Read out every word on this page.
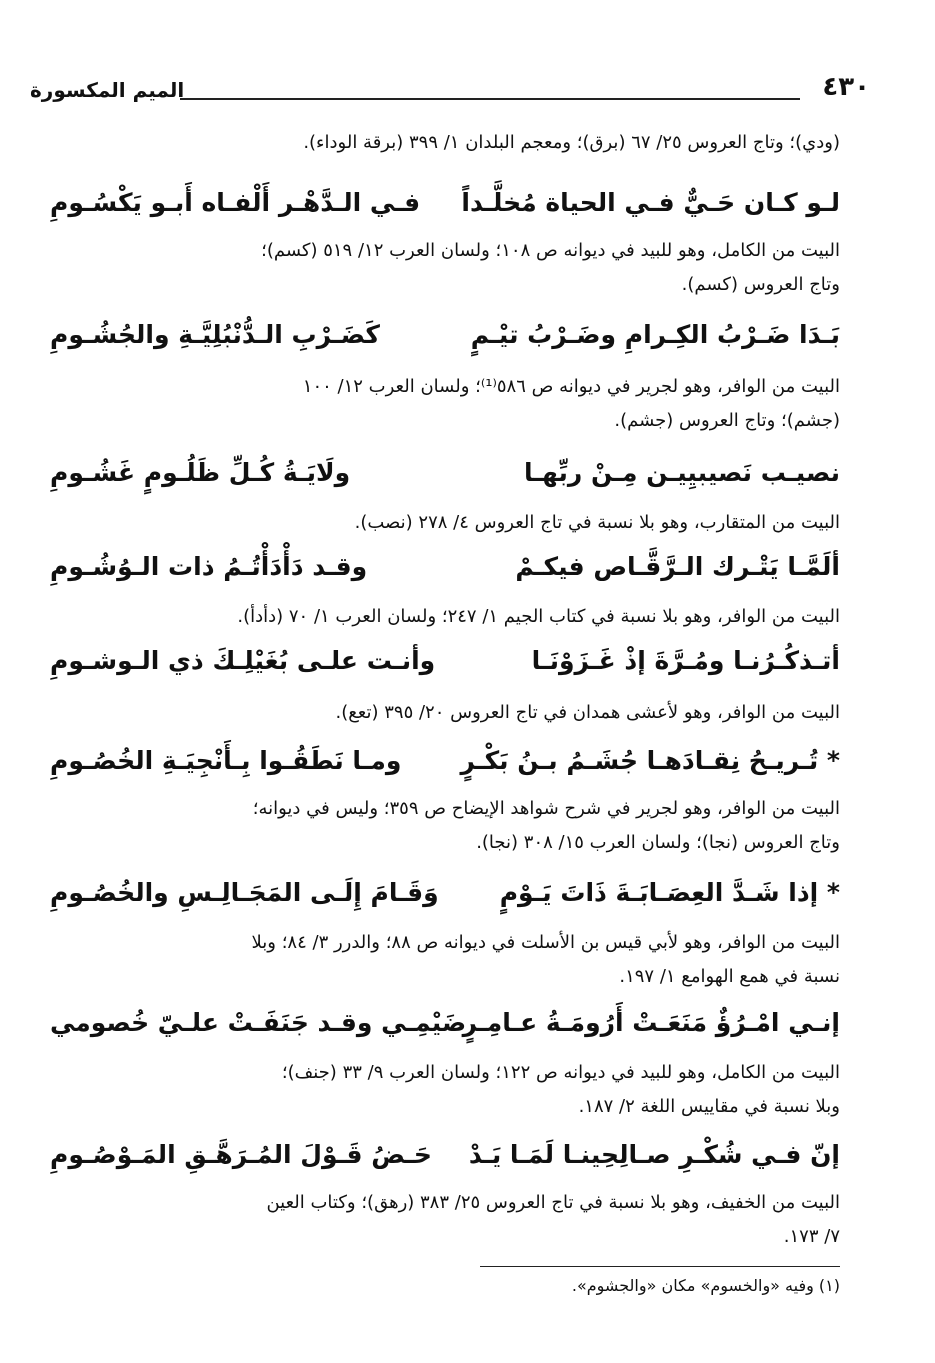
٤٣٠
الميم المكسورة
(ودي)؛ وتاج العروس ٢٥/ ٦٧ (برق)؛ ومعجم البلدان ١/ ٣٩٩ (برقة الوداء).
لـو كـان حَـيٌّ فـي الحياة مُخلَّـداً
فـي الـدَّهْـر أَلْفـاه أَبـو يَكْسُـومِ
البيت من الكامل، وهو للبيد في ديوانه ص ١٠٨؛ ولسان العرب ١٢/ ٥١٩ (كسم)؛
وتاج العروس (كسم).
بَـدَا ضَـرْبُ الكِـرامِ وضَـرْبُ تيْـمٍ
كَضَـرْبِ الـدُّنْبُلِيَّـةِ والجُشُـومِ
البيت من الوافر، وهو لجرير في ديوانه ص ٥٨٦⁽¹⁾؛ ولسان العرب ١٢/ ١٠٠
(جشم)؛ وتاج العروس (جشم).
نصيـب نَصيبيِيـن مِـنْ ربِّهـا
ولَايَـةُ كُـلِّ ظَلُـومٍ غَشُـومِ
البيت من المتقارب، وهو بلا نسبة في تاج العروس ٤/ ٢٧٨ (نصب).
ألَمَّـا يَتْـرك الـرَّقَّـاص فيكـمْ
وقـد دَأْدَأْتُـمُ ذات الـوُشُـومِ
البيت من الوافر، وهو بلا نسبة في كتاب الجيم ١/ ٢٤٧؛ ولسان العرب ١/ ٧٠ (دأدأ).
أتـذكُـرُنـا ومُـرَّةَ إذْ غَـزَوْنَـا
وأنـت علـى بُغَيْلِـكَ ذي الـوشـومِ
البيت من الوافر، وهو لأعشى همدان في تاج العروس ٢٠/ ٣٩٥ (تعع).
* تُـريـحُ نِقـادَهـا جُشَـمُ بـنُ بَكْـرٍ
ومـا نَطَقُـوا بِـأَنْجِيَـةِ الخُصُـومِ
البيت من الوافر، وهو لجرير في شرح شواهد الإيضاح ص ٣٥٩؛ وليس في ديوانه؛
وتاج العروس (نجا)؛ ولسان العرب ١٥/ ٣٠٨ (نجا).
* إذا شَـدَّ العِصَـابَـةَ ذَاتَ يَـوْمٍ
وَقَـامَ إِلَـى المَجَـالِـسِ والخُصُـومِ
البيت من الوافر، وهو لأبي قيس بن الأسلت في ديوانه ص ٨٨؛ والدرر ٣/ ٨٤؛ وبلا
نسبة في همع الهوامع ١/ ١٩٧.
إنـي امْـرُؤٌ مَنَعَـتْ أَرُومَـةُ عـامِـرٍ
ضَيْمِـي وقـد جَنَفَـتْ علـيّ خُصومي
البيت من الكامل، وهو للبيد في ديوانه ص ١٢٢؛ ولسان العرب ٩/ ٣٣ (جنف)؛
وبلا نسبة في مقاييس اللغة ٢/ ١٨٧.
إنّ فـي شُكْـرِ صـالِحِينـا لَمَـا يَـدْ
حَـضُ قَـوْلَ المُـرَهَّـقِ المَـوْصُـومِ
البيت من الخفيف، وهو بلا نسبة في تاج العروس ٢٥/ ٣٨٣ (رهق)؛ وكتاب العين
٧/ ١٧٣.
(١) وفيه «والخسوم» مكان «والجشوم».
